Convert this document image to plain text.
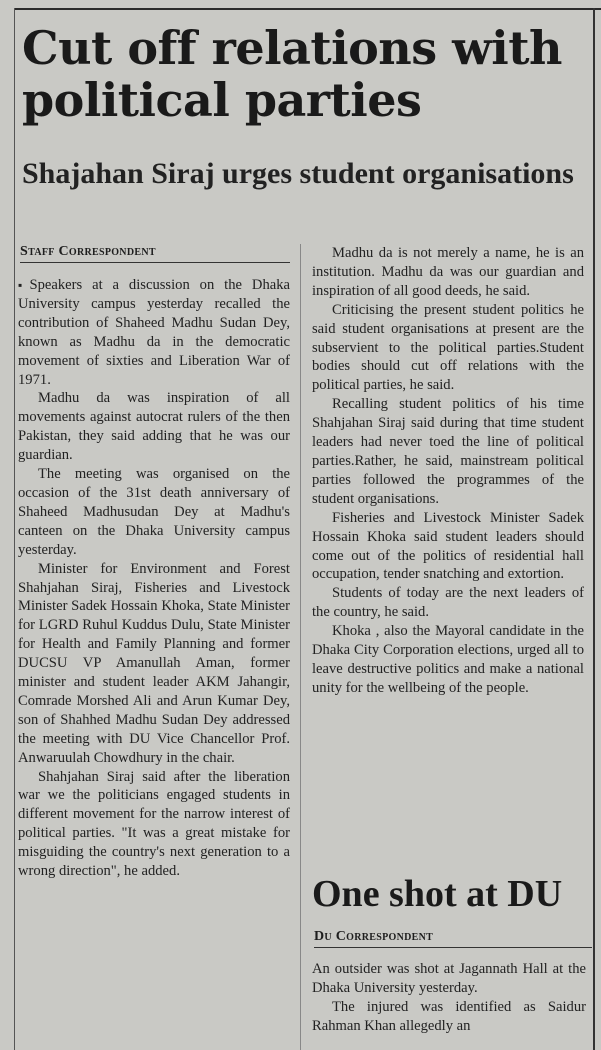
Cut off relations with political parties
Shajahan Siraj urges student organisations
Staff Correspondent

▪Speakers at a discussion on the Dhaka University campus yesterday recalled the contribution of Shaheed Madhu Sudan Dey, known as Madhu da in the democratic movement of sixties and Liberation War of 1971.

Madhu da was inspiration of all movements against autocrat rulers of the then Pakistan, they said adding that he was our guardian.

The meeting was organised on the occasion of the 31st death anniversary of Shaheed Madhusudan Dey at Madhu's canteen on the Dhaka University campus yesterday.

Minister for Environment and Forest Shahjahan Siraj, Fisheries and Livestock Minister Sadek Hossain Khoka, State Minister for LGRD Ruhul Kuddus Dulu, State Minister for Health and Family Planning and former DUCSU VP Amanullah Aman, former minister and student leader AKM Jahangir, Comrade Morshed Ali and Arun Kumar Dey, son of Shahhed Madhu Sudan Dey addressed the meeting with DU Vice Chancellor Prof. Anwaruulah Chowdhury in the chair.

Shahjahan Siraj said after the liberation war we the politicians engaged students in different movement for the narrow interest of political parties. "It was a great mistake for misguiding the country's next generation to a wrong direction", he added.

Madhu da is not merely a name, he is an institution. Madhu da was our guardian and inspiration of all good deeds, he said.

Criticising the present student politics he said student organisations at present are the subservient to the political parties.Student bodies should cut off relations with the political parties, he said.

Recalling student politics of his time Shahjahan Siraj said during that time student leaders had never toed the line of political parties.Rather, he said, mainstream political parties followed the programmes of the student organisations.

Fisheries and Livestock Minister Sadek Hossain Khoka said student leaders should come out of the politics of residential hall occupation, tender snatching and extortion.

Students of today are the next leaders of the country, he said.

Khoka , also the Mayoral candidate in the Dhaka City Corporation elections, urged all to leave destructive politics and make a national unity for the wellbeing of the people.

One shot at DU
Du Correspondent

An outsider was shot at Jagannath Hall at the Dhaka University yesterday.

The injured was identified as Saidur Rahman Khan allegedly an
